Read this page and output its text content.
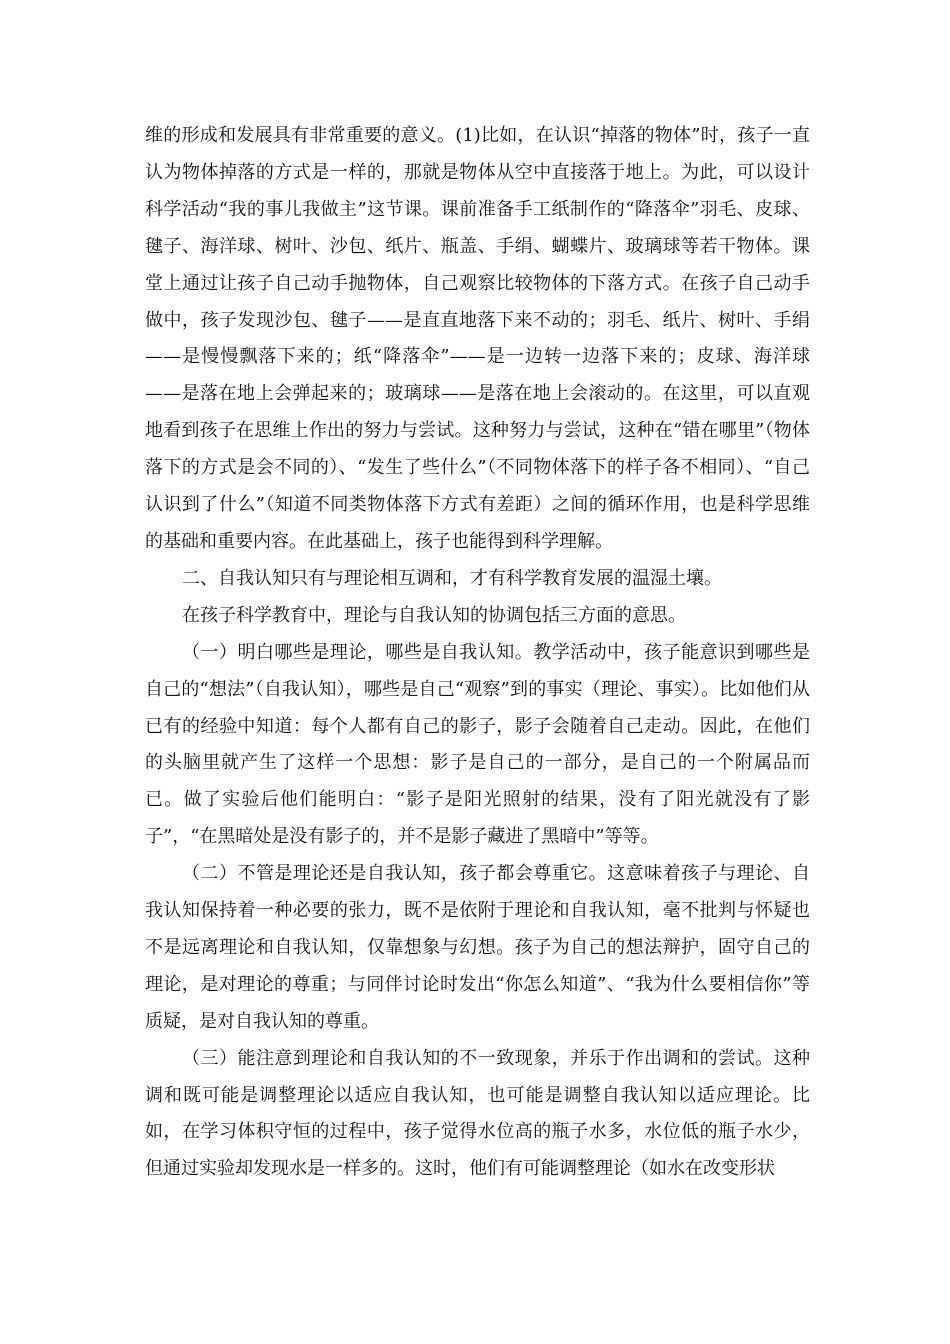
维的形成和发展具有非常重要的意义。(1)比如，在认识“掉落的物体”时，孩子一直认为物体掉落的方式是一样的，那就是物体从空中直接落于地上。为此，可以设计科学活动“我的事儿我做主”这节课。课前准备手工纸制作的“降落伞”羽毛、皮球、毽子、海洋球、树叶、沙包、纸片、瓶盖、手绢、蝴蝶片、玻璃球等若干物体。课堂上通过让孩子自己动手抛物体，自己观察比较物体的下落方式。在孩子自己动手做中，孩子发现沙包、毽子——是直直地落下来不动的；羽毛、纸片、树叶、手绢——是慢慢飘落下来的；纸“降落伞”——是一边转一边落下来的；皮球、海洋球——是落在地上会弹起来的；玻璃球——是落在地上会滚动的。在这里，可以直观地看到孩子在思维上作出的努力与尝试。这种努力与尝试，这种在“错在哪里”（物体落下的方式是会不同的）、“发生了些什么”（不同物体落下的样子各不相同）、“自己认识到了什么”（知道不同类物体落下方式有差距）之间的循环作用，也是科学思维的基础和重要内容。在此基础上，孩子也能得到科学理解。

二、自我认知只有与理论相互调和，才有科学教育发展的温湿土壤。

在孩子科学教育中，理论与自我认知的协调包括三方面的意思。

（一）明白哪些是理论，哪些是自我认知。教学活动中，孩子能意识到哪些是自己的“想法”（自我认知），哪些是自己“观察”到的事实（理论、事实）。比如他们从已有的经验中知道：每个人都有自己的影子，影子会随着自己走动。因此，在他们的头脑里就产生了这样一个思想：影子是自己的一部分，是自己的一个附属品而已。做了实验后他们能明白：“影子是阳光照射的结果，没有了阳光就没有了影子”，“在黑暗处是没有影子的，并不是影子藏进了黑暗中”等等。

（二）不管是理论还是自我认知，孩子都会尊重它。这意味着孩子与理论、自我认知保持着一种必要的张力，既不是依附于理论和自我认知，毫不批判与怀疑也不是远离理论和自我认知，仅靠想象与幻想。孩子为自己的想法辩护，固守自己的理论，是对理论的尊重；与同伴讨论时发出“你怎么知道”、“我为什么要相信你”等质疑，是对自我认知的尊重。

（三）能注意到理论和自我认知的不一致现象，并乐于作出调和的尝试。这种调和既可能是调整理论以适应自我认知，也可能是调整自我认知以适应理论。比如，在学习体积守恒的过程中，孩子觉得水位高的瓶子水多，水位低的瓶子水少，但通过实验却发现水是一样多的。这时，他们有可能调整理论（如水在改变形状
